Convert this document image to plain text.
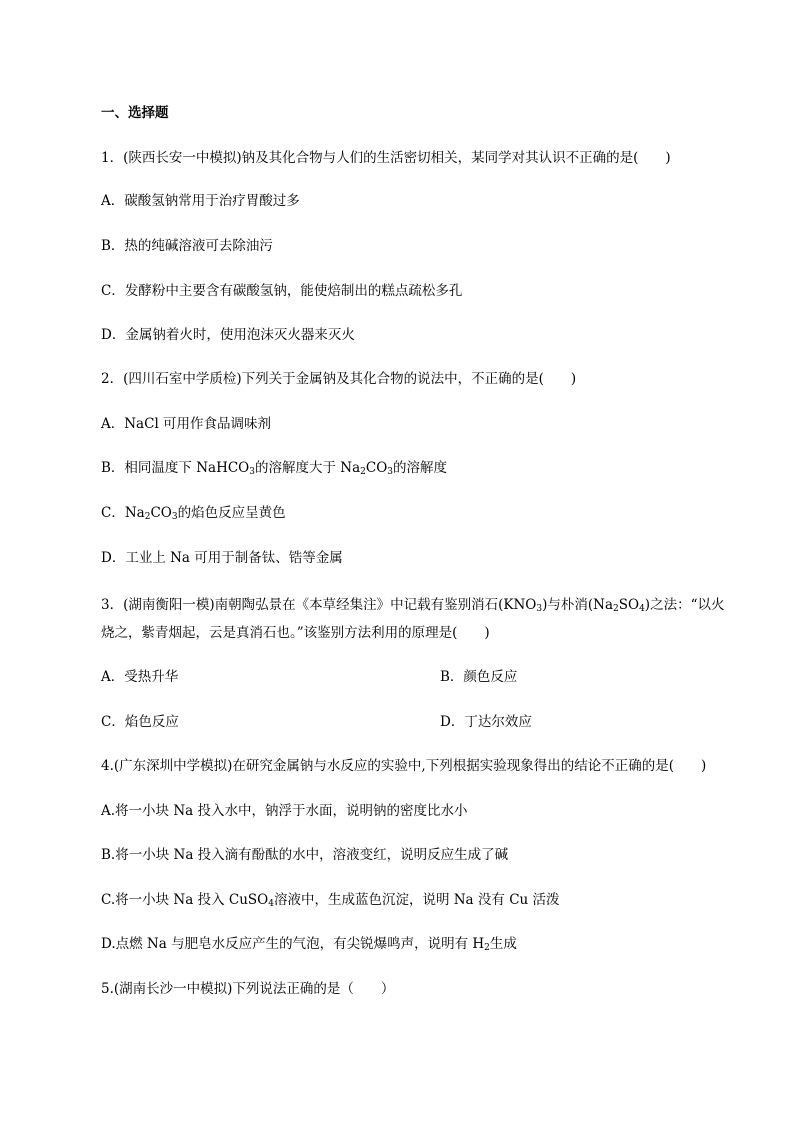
一、选择题
1．(陕西长安一中模拟)钠及其化合物与人们的生活密切相关，某同学对其认识不正确的是(　　)
A．碳酸氢钠常用于治疗胃酸过多
B．热的纯碱溶液可去除油污
C．发酵粉中主要含有碳酸氢钠，能使焙制出的糕点疏松多孔
D．金属钠着火时，使用泡沫灭火器来灭火
2．(四川石室中学质检)下列关于金属钠及其化合物的说法中，不正确的是(　　)
A．NaCl 可用作食品调味剂
B．相同温度下 NaHCO$_3$的溶解度大于 $Na_2CO_3$的溶解度
C．$Na_2CO_3$的焰色反应呈黄色
D．工业上 Na 可用于制备钛、锆等金属
3．(湖南衡阳一模)南朝陶弘景在《本草经集注》中记载有鉴别消石$(KNO_3)$与朴消$(Na_2SO_4)$之法：“以火
烧之，紫青烟起，云是真消石也。”该鉴别方法利用的原理是(　　)
A．受热升华	B．颜色反应
C．焰色反应	D．丁达尔效应
4.(广东深圳中学模拟)在研究金属钠与水反应的实验中,下列根据实验现象得出的结论不正确的是(　　)
A.将一小块 Na 投入水中，钠浮于水面，说明钠的密度比水小
B.将一小块 Na 投入滴有酚酞的水中，溶液变红，说明反应生成了碱
C.将一小块 Na 投入 CuSO$_4$溶液中，生成蓝色沉淀，说明 Na 没有 Cu 活泼
D.点燃 Na 与肥皂水反应产生的气泡，有尖锐爆鸣声，说明有 $H_2$生成
5.(湖南长沙一中模拟)下列说法正确的是（　　）
